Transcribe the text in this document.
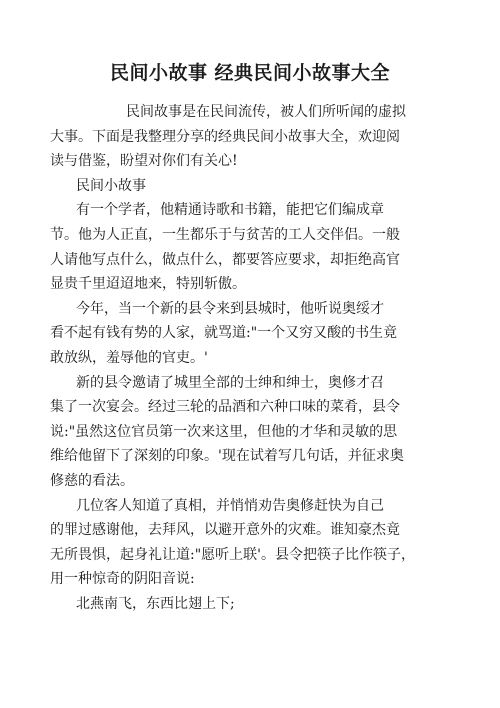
民间小故事 经典民间小故事大全
民间故事是在民间流传，被人们所听闻的虚拟
大事。下面是我整理分享的经典民间小故事大全，欢迎阅
读与借鉴，盼望对你们有关心!
民间小故事
有一个学者，他精通诗歌和书籍，能把它们编成章
节。他为人正直，一生都乐于与贫苦的工人交伴侣。一般
人请他写点什么，做点什么，都要答应要求，却拒绝高官
显贵千里迢迢地来，特别斩傲。
今年，当一个新的县令来到县城时，他听说奥绥才
看不起有钱有势的人家，就骂道:"一个又穷又酸的书生竟
敢放纵，羞辱他的官吏。'
新的县令邀请了城里全部的士绅和绅士，奥修才召
集了一次宴会。经过三轮的品酒和六种口味的菜肴，县令
说:"虽然这位官员第一次来这里，但他的才华和灵敏的思
维给他留下了深刻的印象。'现在试着写几句话，并征求奥
修慈的看法。
几位客人知道了真相，并悄悄劝告奥修赶快为自己
的罪过感谢他，去拜风，以避开意外的灾难。谁知豪杰竟
无所畏惧，起身礼让道:"愿听上联'。县令把筷子比作筷子，
用一种惊奇的阴阳音说:
北燕南飞，东西比翅上下;
